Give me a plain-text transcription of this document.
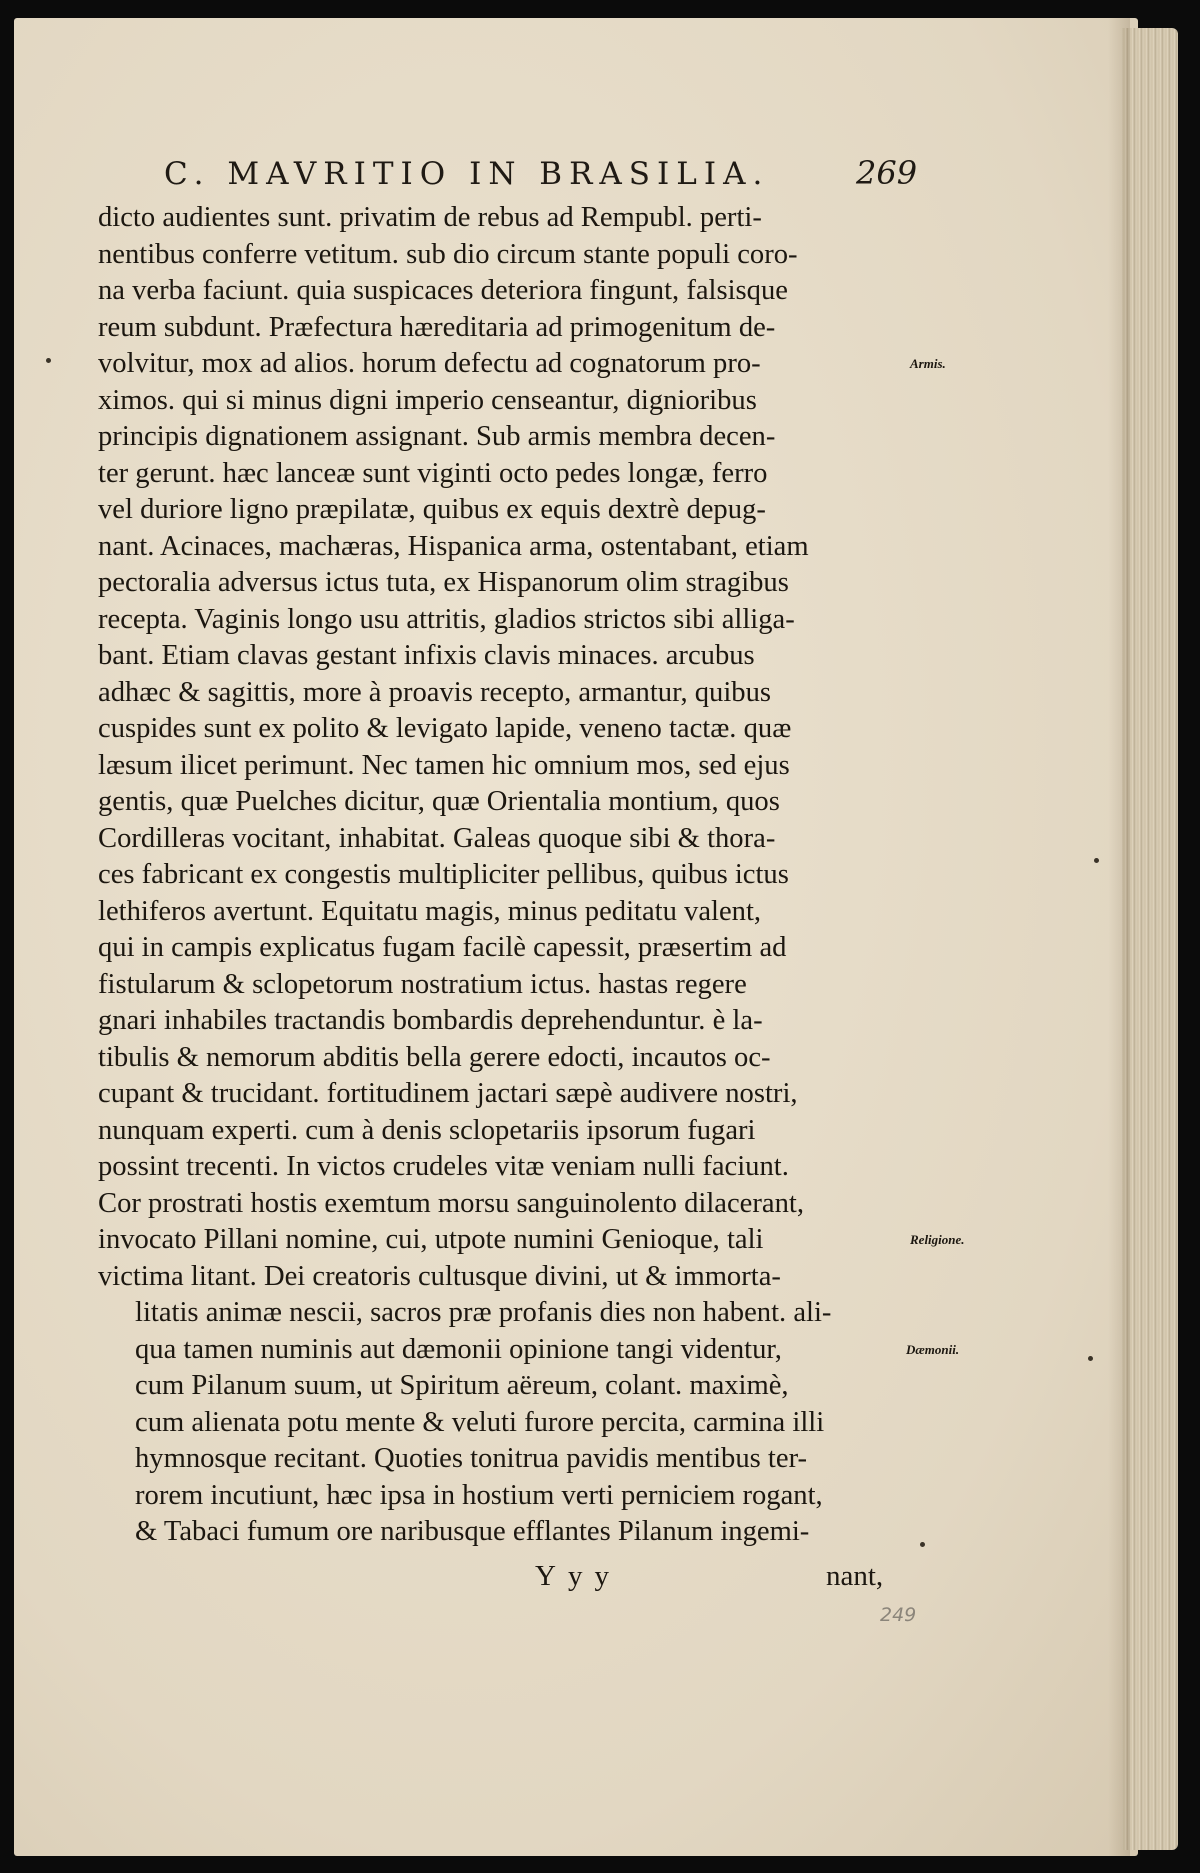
C. MAVRITIO IN BRASILIA.	269
dicto audientes sunt. privatim de rebus ad Rempubl. perti-
nentibus conferre vetitum. sub dio circum stante populi coro-
na verba faciunt. quia suspicaces deteriora fingunt, falsisque
reum subdunt. Præfectura hæreditaria ad primogenitum de-
volvitur, mox ad alios. horum defectu ad cognatorum pro-
ximos. qui si minus digni imperio censeantur, dignioribus
principis dignationem assignant. Sub armis membra decen-
ter gerunt. hæc lanceæ sunt viginti octo pedes longæ, ferro
vel duriore ligno præpilatæ, quibus ex equis dextrè depug-
nant. Acinaces, machæras, Hispanica arma, ostentabant, etiam
pectoralia adversus ictus tuta, ex Hispanorum olim stragibus
recepta. Vaginis longo usu attritis, gladios strictos sibi alliga-
bant. Etiam clavas gestant infixis clavis minaces. arcubus
adhæc & sagittis, more à proavis recepto, armantur, quibus
cuspides sunt ex polito & levigato lapide, veneno tactæ. quæ
læsum ilicet perimunt. Nec tamen hic omnium mos, sed ejus
gentis, quæ Puelches dicitur, quæ Orientalia montium, quos
Cordilleras vocitant, inhabitat. Galeas quoque sibi & thora-
ces fabricant ex congestis multipliciter pellibus, quibus ictus
lethiferos avertunt. Equitatu magis, minus peditatu valent,
qui in campis explicatus fugam facilè capessit, præsertim ad
fistularum & sclopetorum nostratium ictus. hastas regere
gnari inhabiles tractandis bombardis deprehenduntur. è la-
tibulis & nemorum abditis bella gerere edocti, incautos oc-
cupant & trucidant. fortitudinem jactari sæpè audivere nostri,
nunquam experti. cum à denis sclopetariis ipsorum fugari
possint trecenti. In victos crudeles vitæ veniam nulli faciunt.
Cor prostrati hostis exemtum morsu sanguinolento dilacerant,
invocato Pillani nomine, cui, utpote numini Genioque, tali
victima litant. Dei creatoris cultusque divini, ut & immorta-
litatis animæ nescii, sacros præ profanis dies non habent. ali-
qua tamen numinis aut dæmonii opinione tangi videntur,
cum Pilanum suum, ut Spiritum aëreum, colant. maximè,
cum alienata potu mente & veluti furore percita, carmina illi
hymnosque recitant. Quoties tonitrua pavidis mentibus ter-
rorem incutiunt, hæc ipsa in hostium verti perniciem rogant,
& Tabaci fumum ore naribusque efflantes Pilanum ingemi-
Armis.
Religione.
Dæmonii.
Yyy	nant,
249
